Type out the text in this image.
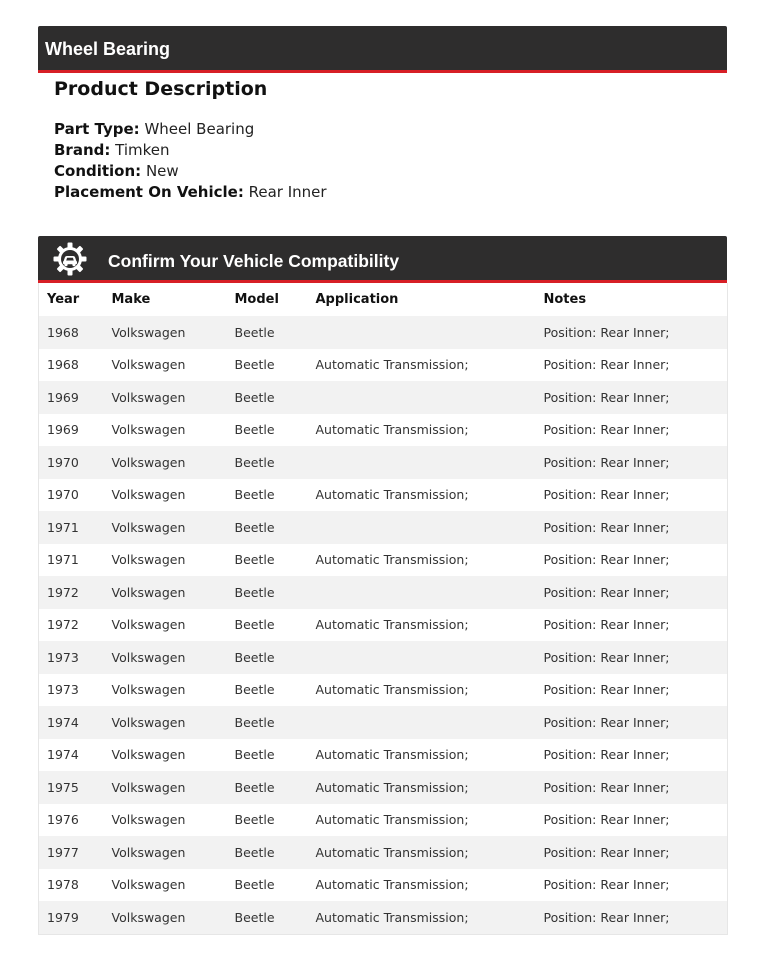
Wheel Bearing
Product Description
Part Type: Wheel Bearing
Brand: Timken
Condition: New
Placement On Vehicle: Rear Inner
Confirm Your Vehicle Compatibility
Year	Make	Model	Application	Notes
1968	Volkswagen	Beetle		Position: Rear Inner;
1968	Volkswagen	Beetle	Automatic Transmission;	Position: Rear Inner;
1969	Volkswagen	Beetle		Position: Rear Inner;
1969	Volkswagen	Beetle	Automatic Transmission;	Position: Rear Inner;
1970	Volkswagen	Beetle		Position: Rear Inner;
1970	Volkswagen	Beetle	Automatic Transmission;	Position: Rear Inner;
1971	Volkswagen	Beetle		Position: Rear Inner;
1971	Volkswagen	Beetle	Automatic Transmission;	Position: Rear Inner;
1972	Volkswagen	Beetle		Position: Rear Inner;
1972	Volkswagen	Beetle	Automatic Transmission;	Position: Rear Inner;
1973	Volkswagen	Beetle		Position: Rear Inner;
1973	Volkswagen	Beetle	Automatic Transmission;	Position: Rear Inner;
1974	Volkswagen	Beetle		Position: Rear Inner;
1974	Volkswagen	Beetle	Automatic Transmission;	Position: Rear Inner;
1975	Volkswagen	Beetle	Automatic Transmission;	Position: Rear Inner;
1976	Volkswagen	Beetle	Automatic Transmission;	Position: Rear Inner;
1977	Volkswagen	Beetle	Automatic Transmission;	Position: Rear Inner;
1978	Volkswagen	Beetle	Automatic Transmission;	Position: Rear Inner;
1979	Volkswagen	Beetle	Automatic Transmission;	Position: Rear Inner;
